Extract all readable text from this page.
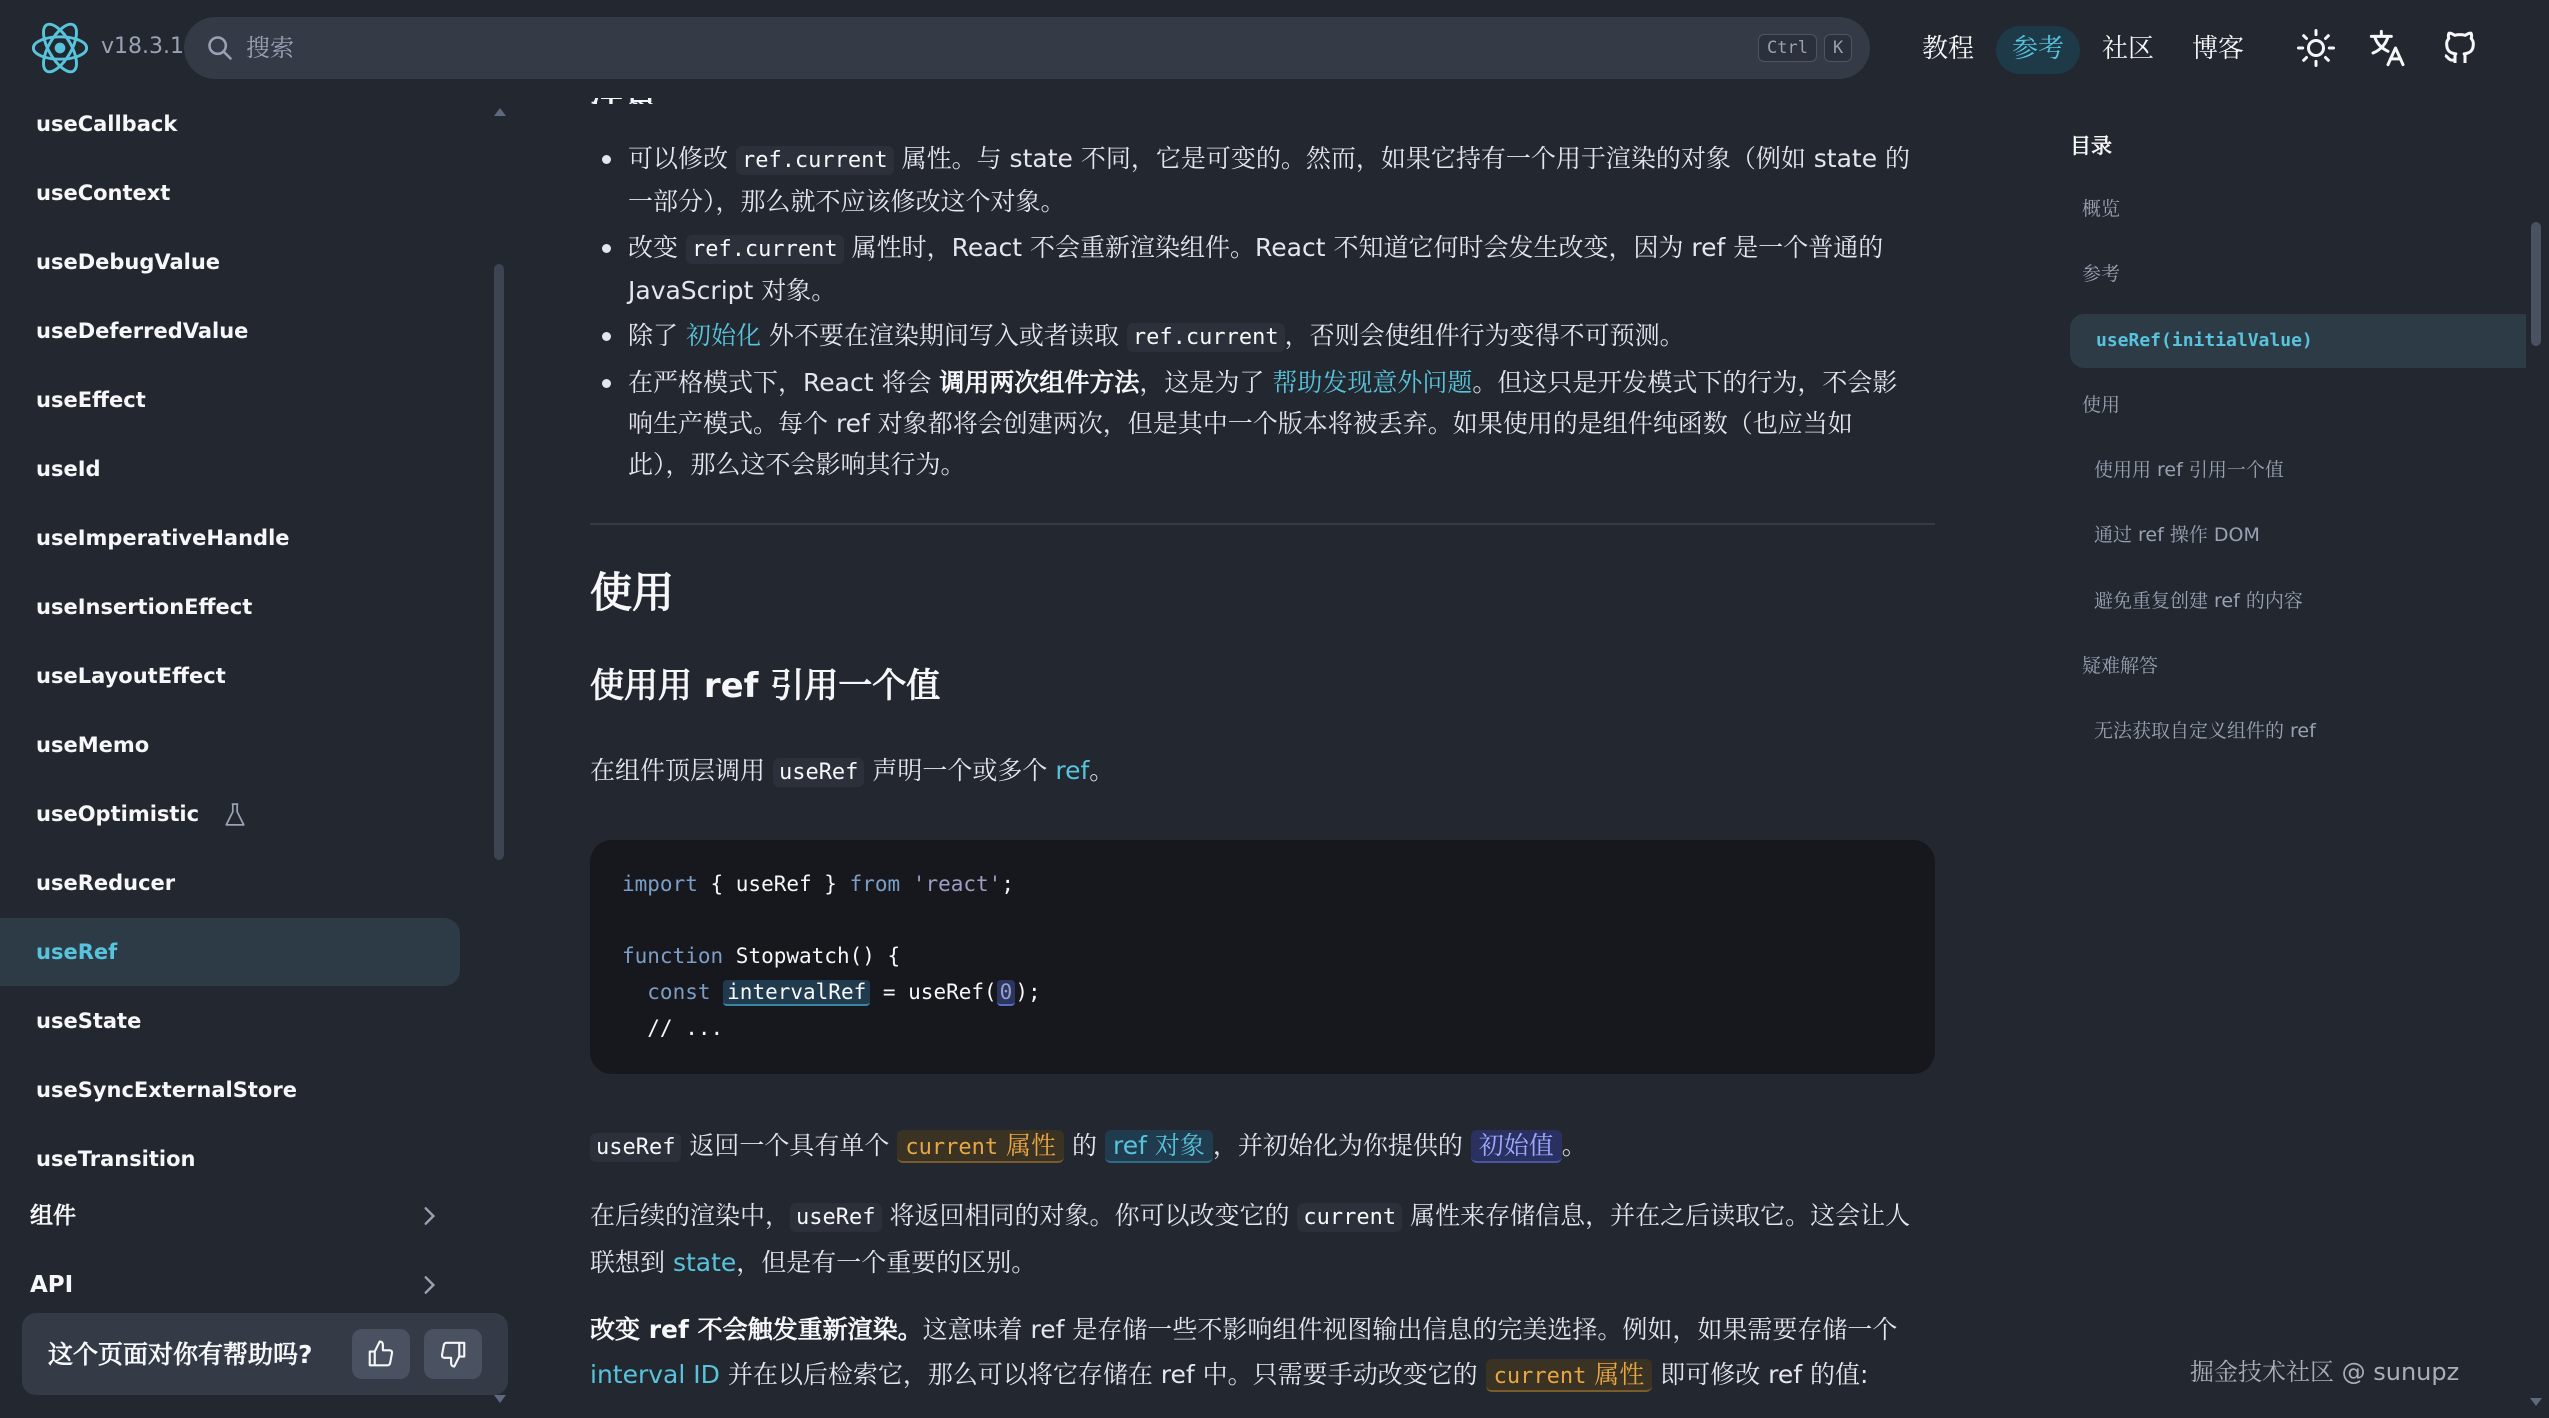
v18.3.1
搜索	Ctrl	K	教程	参考	社区	博客
useCallback
useContext
useDebugValue
useDeferredValue
useEffect
useId
useImperativeHandle
useInsertionEffect
useLayoutEffect
useMemo
useOptimistic
useReducer
useRef
useState
useSyncExternalStore
useTransition
组件
API
这个页面对你有帮助吗?
可以修改 ref.current 属性。与 state 不同，它是可变的。然而，如果它持有一个用于渲染的对象（例如 state 的
一部分），那么就不应该修改这个对象。
改变 ref.current 属性时，React 不会重新渲染组件。React 不知道它何时会发生改变，因为 ref 是一个普通的
JavaScript 对象。
除了 初始化 外不要在渲染期间写入或者读取 ref.current ，否则会使组件行为变得不可预测。
在严格模式下，React 将会 调用两次组件方法，这是为了 帮助发现意外问题。但这只是开发模式下的行为，不会影
响生产模式。每个 ref 对象都将会创建两次，但是其中一个版本将被丢弃。如果使用的是组件纯函数（也应当如
此），那么这不会影响其行为。
使用
使用用 ref 引用一个值

在组件顶层调用 useRef 声明一个或多个 ref。

import { useRef } from 'react';
function Stopwatch() {
const intervalRef = useRef( 0 );
// ...

useRef 返回一个具有单个 current 属性 的 ref 对象 ，并初始化为你提供的 初始值 。

在后续的渲染中， useRef 将返回相同的对象。你可以改变它的 current 属性来存储信息，并在之后读取它。这会让人
联想到 state，但是有一个重要的区别。

改变 ref 不会触发重新渲染。这意味着 ref 是存储一些不影响组件视图输出信息的完美选择。例如，如果需要存储一个
interval ID 并在以后检索它，那么可以将它存储在 ref 中。只需要手动改变它的 current 属性 即可修改 ref 的值:

目录
概览
参考
useRef(initialValue)
使用
使用用 ref 引用一个值
通过 ref 操作 DOM
避免重复创建 ref 的内容
疑难解答
无法获取自定义组件的 ref
掘金技术社区 @ sunupz
